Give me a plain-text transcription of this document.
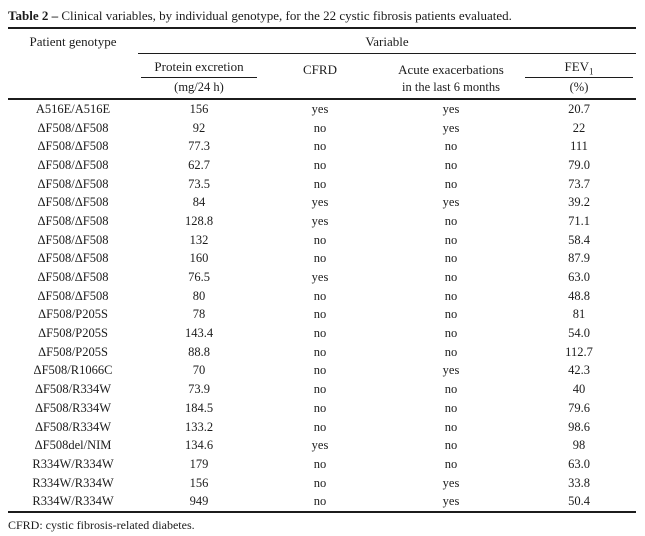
Table 2 – Clinical variables, by individual genotype, for the 22 cystic fibrosis patients evaluated.
Patient genotype	Variable			

	Protein excretion	CFRD	Acute exacerbations	$FEV_1$

	(mg/24 h)		in the last 6 months	(%)
A516E/A516E	156	yes	yes	20.7
ΔF508/ΔF508	92	no	yes	22
ΔF508/ΔF508	77.3	no	no	111
ΔF508/ΔF508	62.7	no	no	79.0
ΔF508/ΔF508	73.5	no	no	73.7
ΔF508/ΔF508	84	yes	yes	39.2
ΔF508/ΔF508	128.8	yes	no	71.1
ΔF508/ΔF508	132	no	no	58.4
ΔF508/ΔF508	160	no	no	87.9
ΔF508/ΔF508	76.5	yes	no	63.0
ΔF508/ΔF508	80	no	no	48.8
ΔF508/P205S	78	no	no	81
ΔF508/P205S	143.4	no	no	54.0
ΔF508/P205S	88.8	no	no	112.7
ΔF508/R1066C	70	no	yes	42.3
ΔF508/R334W	73.9	no	no	40
ΔF508/R334W	184.5	no	no	79.6
ΔF508/R334W	133.2	no	no	98.6
ΔF508del/NIM	134.6	yes	no	98
R334W/R334W	179	no	no	63.0
R334W/R334W	156	no	yes	33.8
R334W/R334W	949	no	yes	50.4
CFRD: cystic fibrosis-related diabetes.
